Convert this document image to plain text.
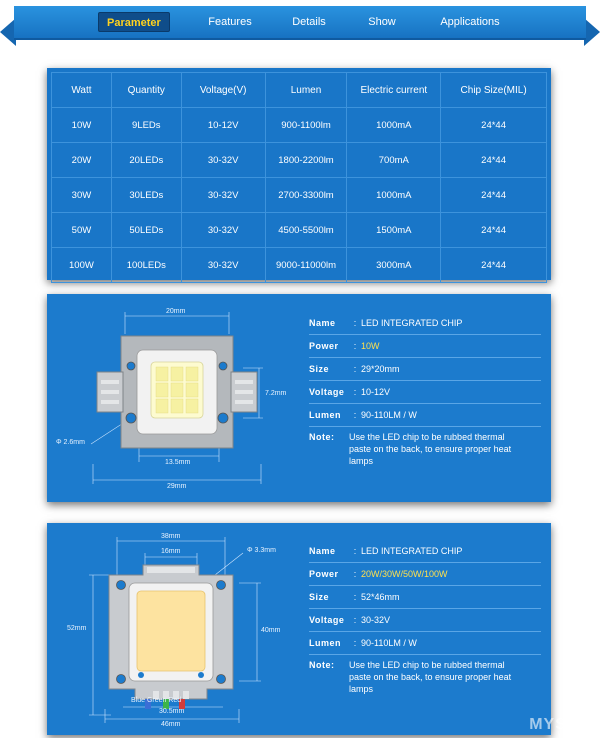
Parameter	Features	Details	Show	Applications
Watt	Quantity	Voltage(V)	Lumen	Electric current	Chip Size(MIL)
10W	9LEDs	10-12V	900-1100lm	1000mA	24*44
20W	20LEDs	30-32V	1800-2200lm	700mA	24*44
30W	30LEDs	30-32V	2700-3300lm	1000mA	24*44
50W	50LEDs	30-32V	4500-5500lm	1500mA	24*44
100W	100LEDs	30-32V	9000-11000lm	3000mA	24*44
20mm
7.2mm
Φ 2.6mm
13.5mm
29mm
Name : LED INTEGRATED CHIP
Power : 10W
Size	: 29*20mm
Voltage : 10-12V
Lumen : 90-110LM / W
Note: Use the LED chip to be rubbed thermal paste on the back, to ensure proper heat lamps
38mm
16mm	Φ 3.3mm
52mm	40mm
Blue Green Red
30.5mm
46mm
Name : LED INTEGRATED CHIP
Power : 20W/30W/50W/100W
Size	: 52*46mm
Voltage : 30-32V
Lumen : 90-110LM / W
Note: Use the LED chip to be rubbed thermal paste on the back, to ensure proper heat lamps
MYSKU
